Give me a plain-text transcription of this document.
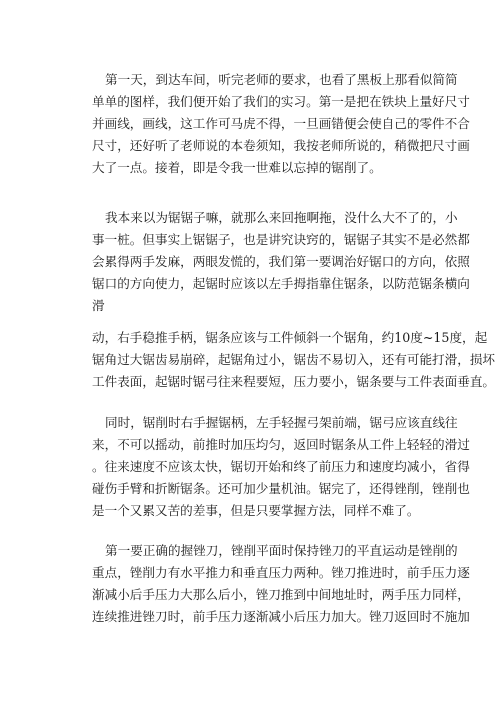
第一天，到达车间，听完老师的要求，也看了黑板上那看似简简
单单的图样，我们便开始了我们的实习。第一是把在铁块上量好尺寸
并画线，画线，这工作可马虎不得，一旦画错便会使自己的零件不合
尺寸，还好听了老师说的本卷须知，我按老师所说的，稍微把尺寸画
大了一点。接着，即是令我一世难以忘掉的锯削了。
我本来以为锯锯子嘛，就那么来回拖啊拖，没什么大不了的，小
事一桩。但事实上锯锯子，也是讲究诀窍的，锯锯子其实不是必然都
会累得两手发麻，两眼发慌的，我们第一要调治好锯口的方向，依照
锯口的方向使力，起锯时应该以左手拇指靠住锯条，以防范锯条横向
滑
动，右手稳推手柄，锯条应该与工件倾斜一个锯角，约10度~15度，起
锯角过大锯齿易崩碎，起锯角过小，锯齿不易切入，还有可能打滑，损坏
工件表面，起锯时锯弓往来程要短，压力要小，锯条要与工件表面垂直。
同时，锯削时右手握锯柄，左手轻握弓架前端，锯弓应该直线往
来，不可以摇动，前推时加压均匀，返回时锯条从工件上轻轻的滑过
。往来速度不应该太快，锯切开始和终了前压力和速度均减小，省得
碰伤手臂和折断锯条。还可加少量机油。锯完了，还得锉削，锉削也
是一个又累又苦的差事，但是只要掌握方法，同样不难了。
第一要正确的握锉刀，锉削平面时保持锉刀的平直运动是锉削的
重点，锉削力有水平推力和垂直压力两种。锉刀推进时，前手压力逐
渐减小后手压力大那么后小，锉刀推到中间地址时，两手压力同样，
连续推进锉刀时，前手压力逐渐减小后压力加大。锉刀返回时不施加
